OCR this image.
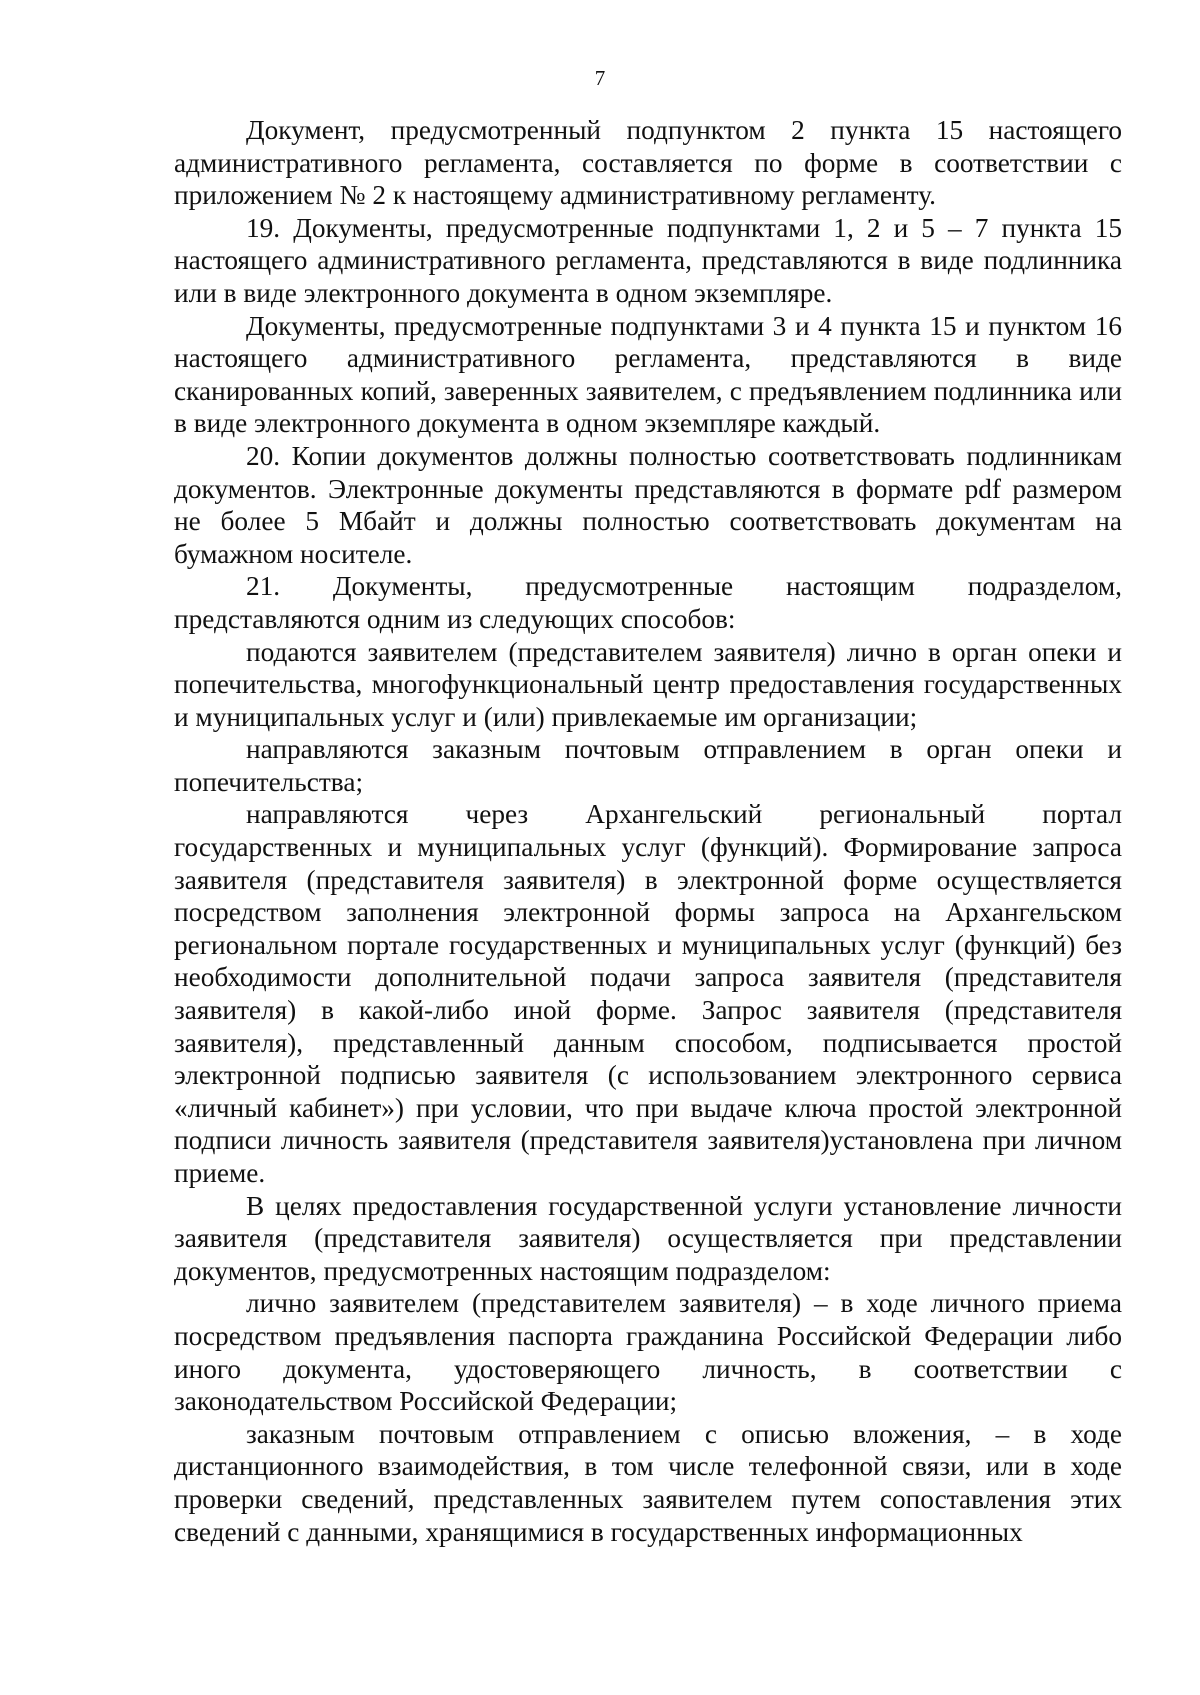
7

Документ, предусмотренный подпунктом 2 пункта 15 настоящего административного регламента, составляется по форме в соответствии с приложением № 2 к настоящему административному регламенту.

19. Документы, предусмотренные подпунктами 1, 2 и 5 – 7 пункта 15 настоящего административного регламента, представляются в виде подлинника или в виде электронного документа в одном экземпляре.

Документы, предусмотренные подпунктами 3 и 4 пункта 15 и пунктом 16 настоящего административного регламента, представляются в виде сканированных копий, заверенных заявителем, с предъявлением подлинника или в виде электронного документа в одном экземпляре каждый.

20. Копии документов должны полностью соответствовать подлинникам документов. Электронные документы представляются в формате pdf размером не более 5 Мбайт и должны полностью соответствовать документам на бумажном носителе.

21. Документы, предусмотренные настоящим подразделом, представляются одним из следующих способов:

подаются заявителем (представителем заявителя) лично в орган опеки и попечительства, многофункциональный центр предоставления государственных и муниципальных услуг и (или) привлекаемые им организации;

направляются заказным почтовым отправлением в орган опеки и попечительства;

направляются через Архангельский региональный портал государственных и муниципальных услуг (функций). Формирование запроса заявителя (представителя заявителя) в электронной форме осуществляется посредством заполнения электронной формы запроса на Архангельском региональном портале государственных и муниципальных услуг (функций) без необходимости дополнительной подачи запроса заявителя (представителя заявителя) в какой-либо иной форме. Запрос заявителя (представителя заявителя), представленный данным способом, подписывается простой электронной подписью заявителя (с использованием электронного сервиса «личный кабинет») при условии, что при выдаче ключа простой электронной подписи личность заявителя (представителя заявителя)установлена при личном приеме.

В целях предоставления государственной услуги установление личности заявителя (представителя заявителя) осуществляется при представлении документов, предусмотренных настоящим подразделом:

лично заявителем (представителем заявителя) – в ходе личного приема посредством предъявления паспорта гражданина Российской Федерации либо иного документа, удостоверяющего личность, в соответствии с законодательством Российской Федерации;

заказным почтовым отправлением с описью вложения, – в ходе дистанционного взаимодействия, в том числе телефонной связи, или в ходе проверки сведений, представленных заявителем путем сопоставления этих сведений с данными, хранящимися в государственных информационных
